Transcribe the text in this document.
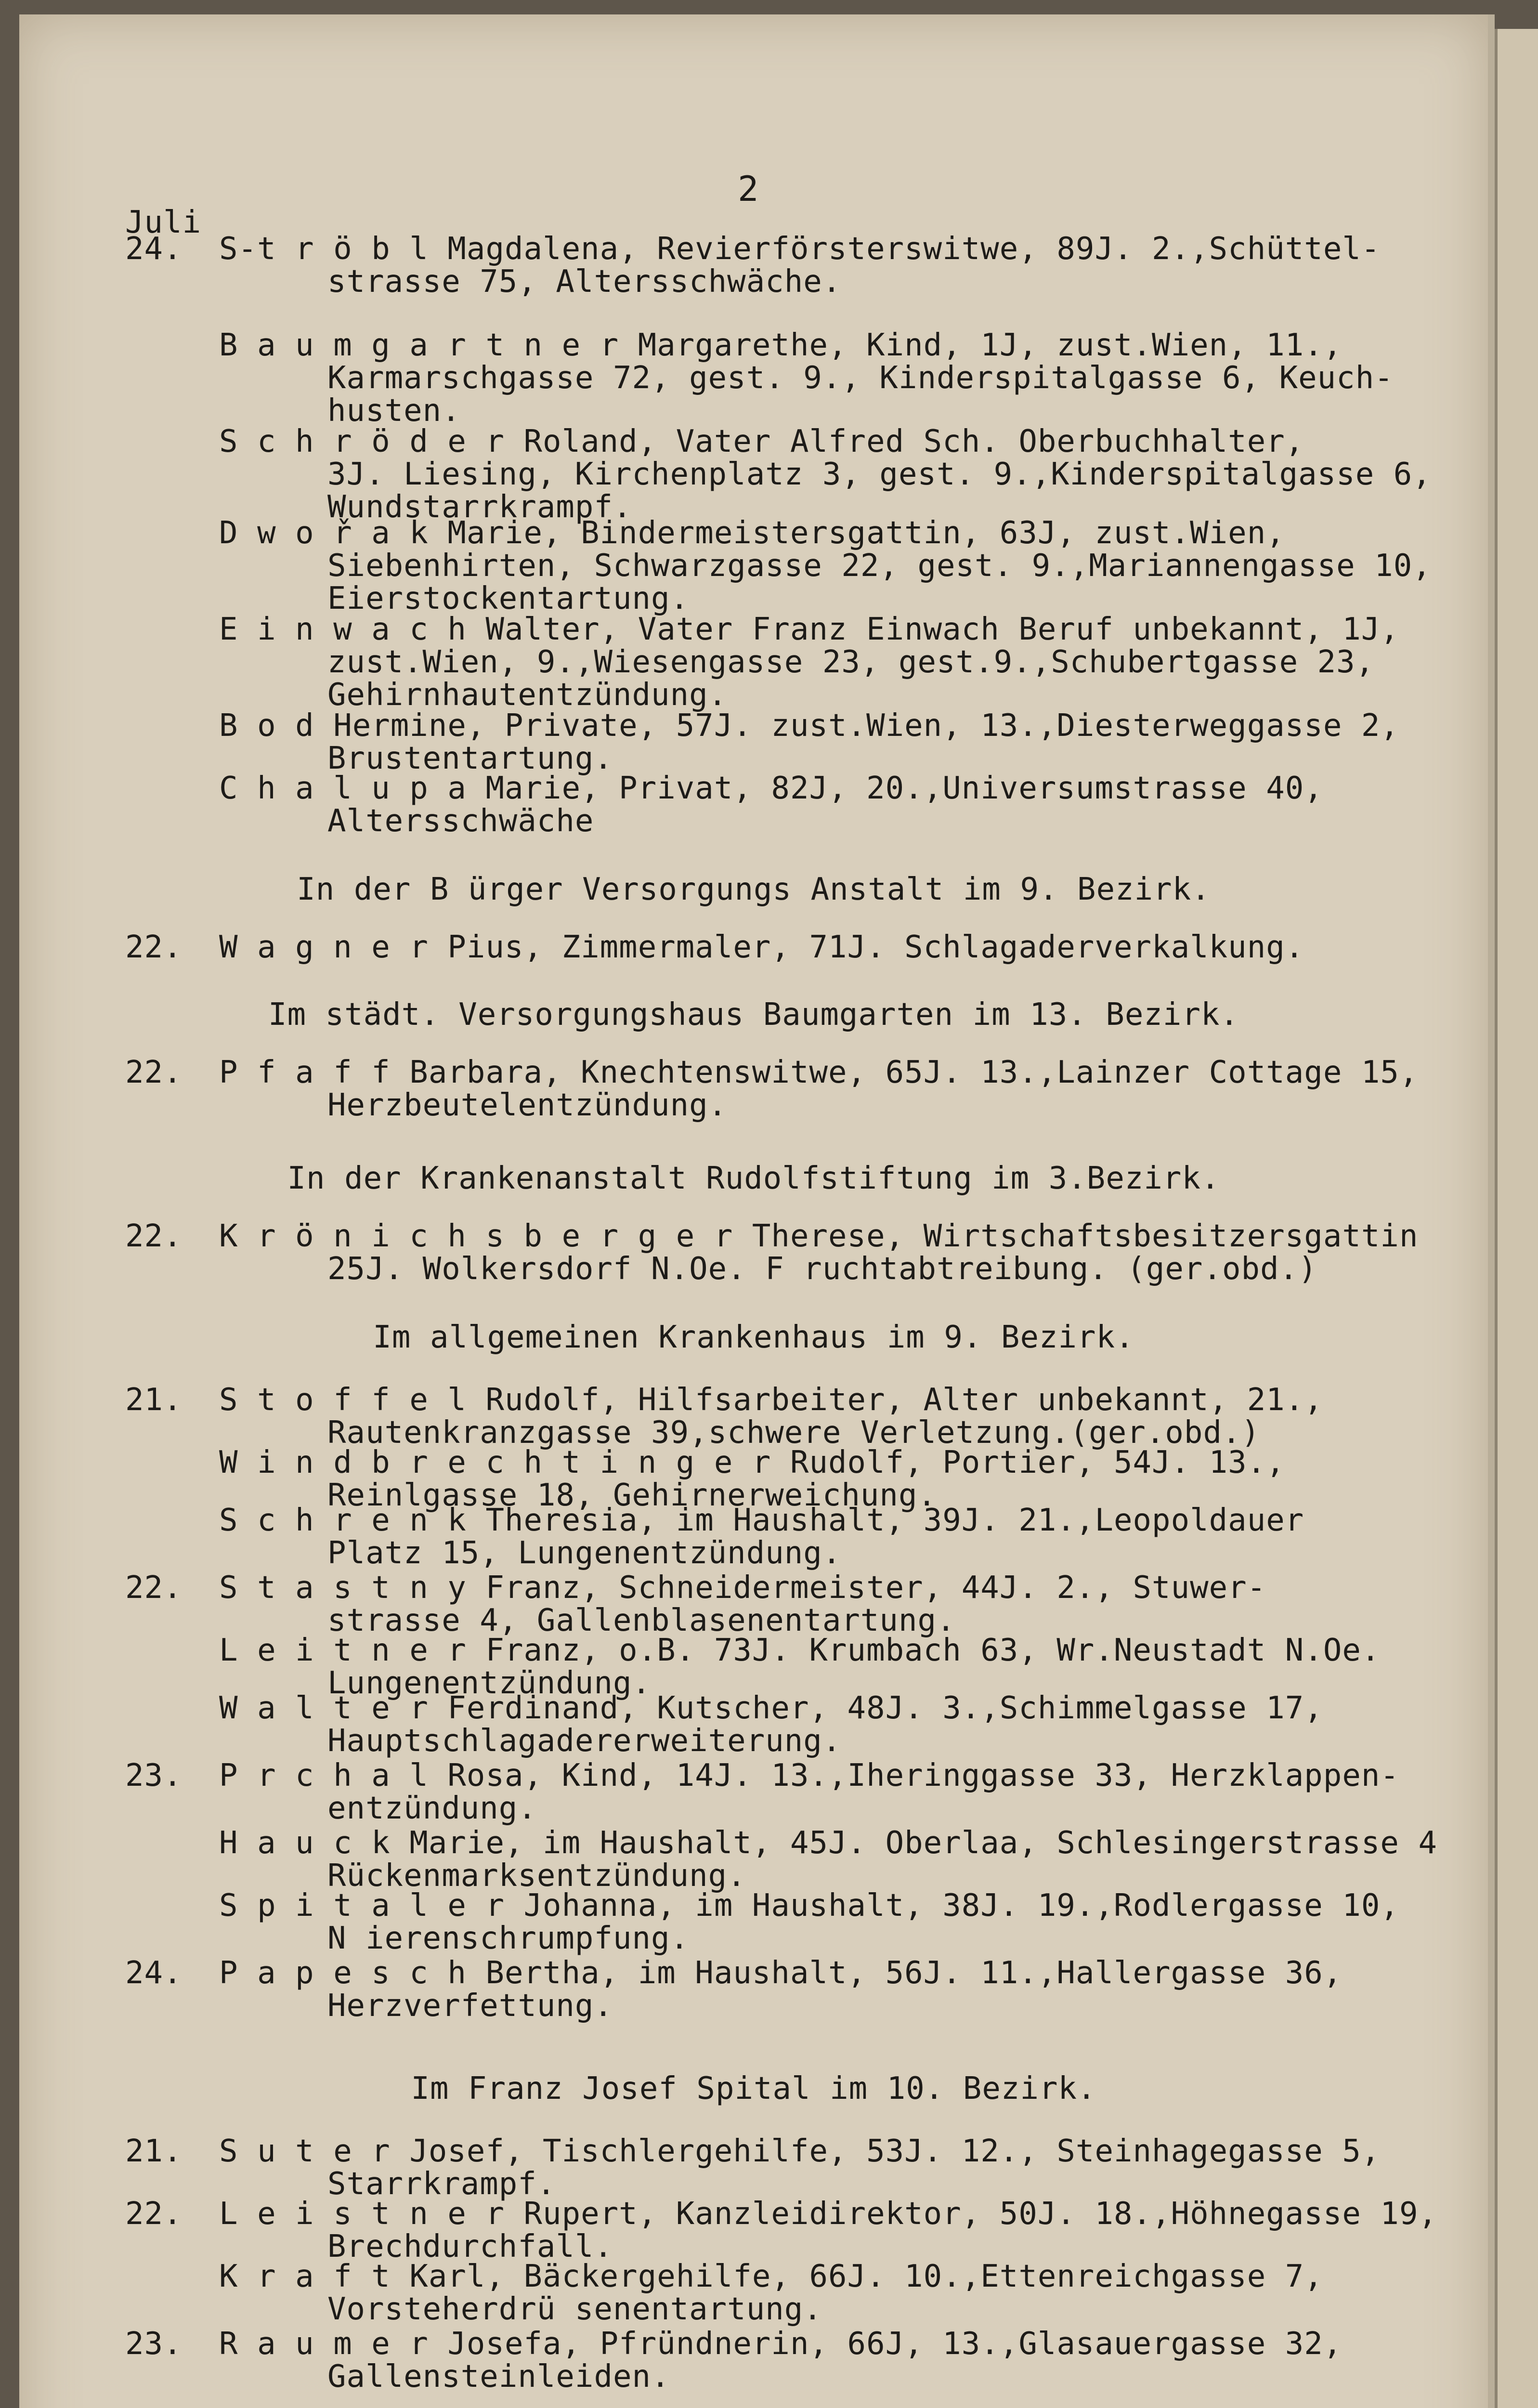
2
Juli
24.	S-t r ö b l Magdalena, Revierförsterswitwe, 89J. 2.,Schüttel-
strasse 75, Altersschwäche.
B a u m g a r t n e r Margarethe, Kind, 1J, zust.Wien, 11.,
Karmarschgasse 72, gest. 9., Kinderspitalgasse 6, Keuch-
husten.
S c h r ö d e r Roland, Vater Alfred Sch. Oberbuchhalter,
3J. Liesing, Kirchenplatz 3, gest. 9.,Kinderspitalgasse 6,
Wundstarrkrampf.
D w o ř a k Marie, Bindermeistersgattin, 63J, zust.Wien,
Siebenhirten, Schwarzgasse 22, gest. 9.,Mariannengasse 10,
Eierstockentartung.
E i n w a c h Walter, Vater Franz Einwach Beruf unbekannt, 1J,
zust.Wien, 9.,Wiesengasse 23, gest.9.,Schubertgasse 23,
Gehirnhautentzündung.
B o d Hermine, Private, 57J. zust.Wien, 13.,Diesterweggasse 2,
Brustentartung.
C h a l u p a Marie, Privat, 82J, 20.,Universumstrasse 40,
Altersschwäche
In der B ürger Versorgungs Anstalt im 9. Bezirk.
22.	W a g n e r Pius, Zimmermaler, 71J. Schlagaderverkalkung.
Im städt. Versorgungshaus Baumgarten im 13. Bezirk.
22.	P f a f f Barbara, Knechtenswitwe, 65J. 13.,Lainzer Cottage 15,
Herzbeutelentzündung.
In der Krankenanstalt Rudolfstiftung im 3.Bezirk.
22.	K r ö n i c h s b e r g e r Therese, Wirtschaftsbesitzersgattin
25J. Wolkersdorf N.Oe. F ruchtabtreibung. (ger.obd.)
Im allgemeinen Krankenhaus im 9. Bezirk.
21.	S t o f f e l Rudolf, Hilfsarbeiter, Alter unbekannt, 21.,
Rautenkranzgasse 39,schwere Verletzung.(ger.obd.)
W i n d b r e c h t i n g e r Rudolf, Portier, 54J. 13.,
Reinlgasse 18, Gehirnerweichung.
S c h r e n k Theresia, im Haushalt, 39J. 21.,Leopoldauer
Platz 15, Lungenentzündung.
22.	S t a s t n y Franz, Schneidermeister, 44J. 2., Stuwer-
strasse 4, Gallenblasenentartung.
L e i t n e r Franz, o.B. 73J. Krumbach 63, Wr.Neustadt N.Oe.
Lungenentzündung.
W a l t e r Ferdinand, Kutscher, 48J. 3.,Schimmelgasse 17,
Hauptschlagadererweiterung.
23.	P r c h a l Rosa, Kind, 14J. 13.,Iheringgasse 33, Herzklappen-
entzündung.
H a u c k Marie, im Haushalt, 45J. Oberlaa, Schlesingerstrasse 4
Rückenmarksentzündung.
S p i t a l e r Johanna, im Haushalt, 38J. 19.,Rodlergasse 10,
N ierenschrumpfung.
24.	P a p e s c h Bertha, im Haushalt, 56J. 11.,Hallergasse 36,
Herzverfettung.
Im Franz Josef Spital im 10. Bezirk.
21.	S u t e r Josef, Tischlergehilfe, 53J. 12., Steinhagegasse 5,
Starrkrampf.
22.	L e i s t n e r Rupert, Kanzleidirektor, 50J. 18.,Höhnegasse 19,
Brechdurchfall.
K r a f t Karl, Bäckergehilfe, 66J. 10.,Ettenreichgasse 7,
Vorsteherdrü senentartung.
23.	R a u m e r Josefa, Pfründnerin, 66J, 13.,Glasauergasse 32,
Gallensteinleiden.
